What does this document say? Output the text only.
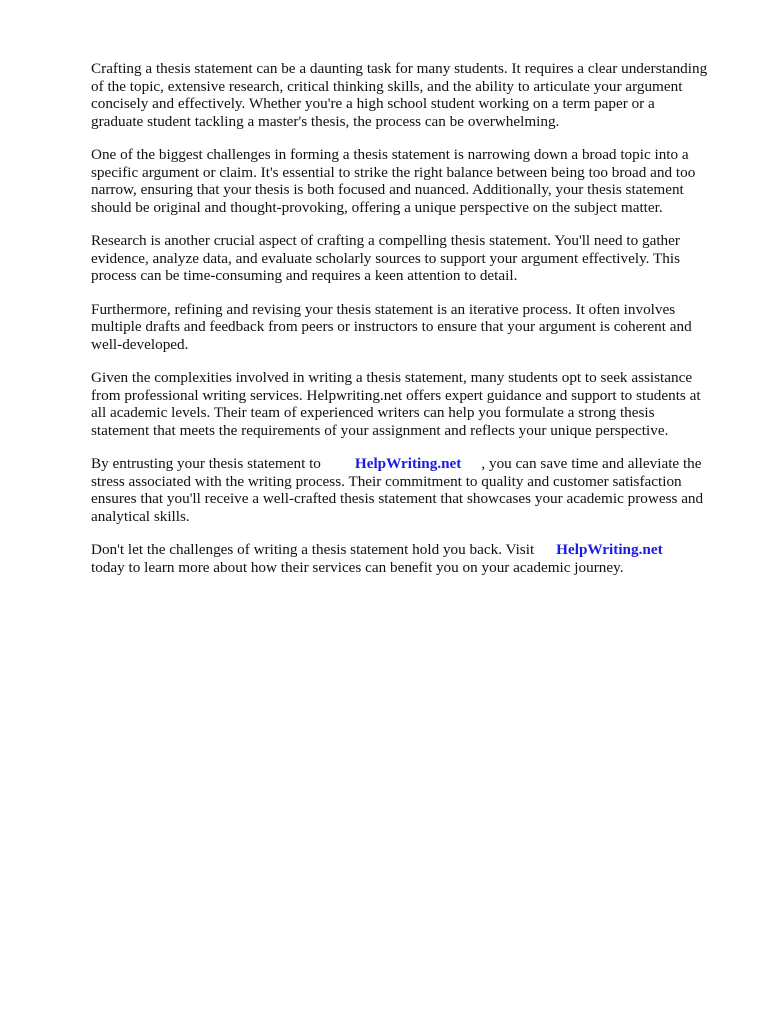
Crafting a thesis statement can be a daunting task for many students. It requires a clear understanding
of the topic, extensive research, critical thinking skills, and the ability to articulate your argument
concisely and effectively. Whether you're a high school student working on a term paper or a
graduate student tackling a master's thesis, the process can be overwhelming.

One of the biggest challenges in forming a thesis statement is narrowing down a broad topic into a
specific argument or claim. It's essential to strike the right balance between being too broad and too
narrow, ensuring that your thesis is both focused and nuanced. Additionally, your thesis statement
should be original and thought-provoking, offering a unique perspective on the subject matter.

Research is another crucial aspect of crafting a compelling thesis statement. You'll need to gather
evidence, analyze data, and evaluate scholarly sources to support your argument effectively. This
process can be time-consuming and requires a keen attention to detail.

Furthermore, refining and revising your thesis statement is an iterative process. It often involves
multiple drafts and feedback from peers or instructors to ensure that your argument is coherent and
well-developed.

Given the complexities involved in writing a thesis statement, many students opt to seek assistance
from professional writing services. Helpwriting.net offers expert guidance and support to students at
all academic levels. Their team of experienced writers can help you formulate a strong thesis
statement that meets the requirements of your assignment and reflects your unique perspective.

By entrusting your thesis statement to HelpWriting.net , you can save time and alleviate the
stress associated with the writing process. Their commitment to quality and customer satisfaction
ensures that you'll receive a well-crafted thesis statement that showcases your academic prowess and
analytical skills.

Don't let the challenges of writing a thesis statement hold you back. Visit HelpWriting.net
today to learn more about how their services can benefit you on your academic journey.
